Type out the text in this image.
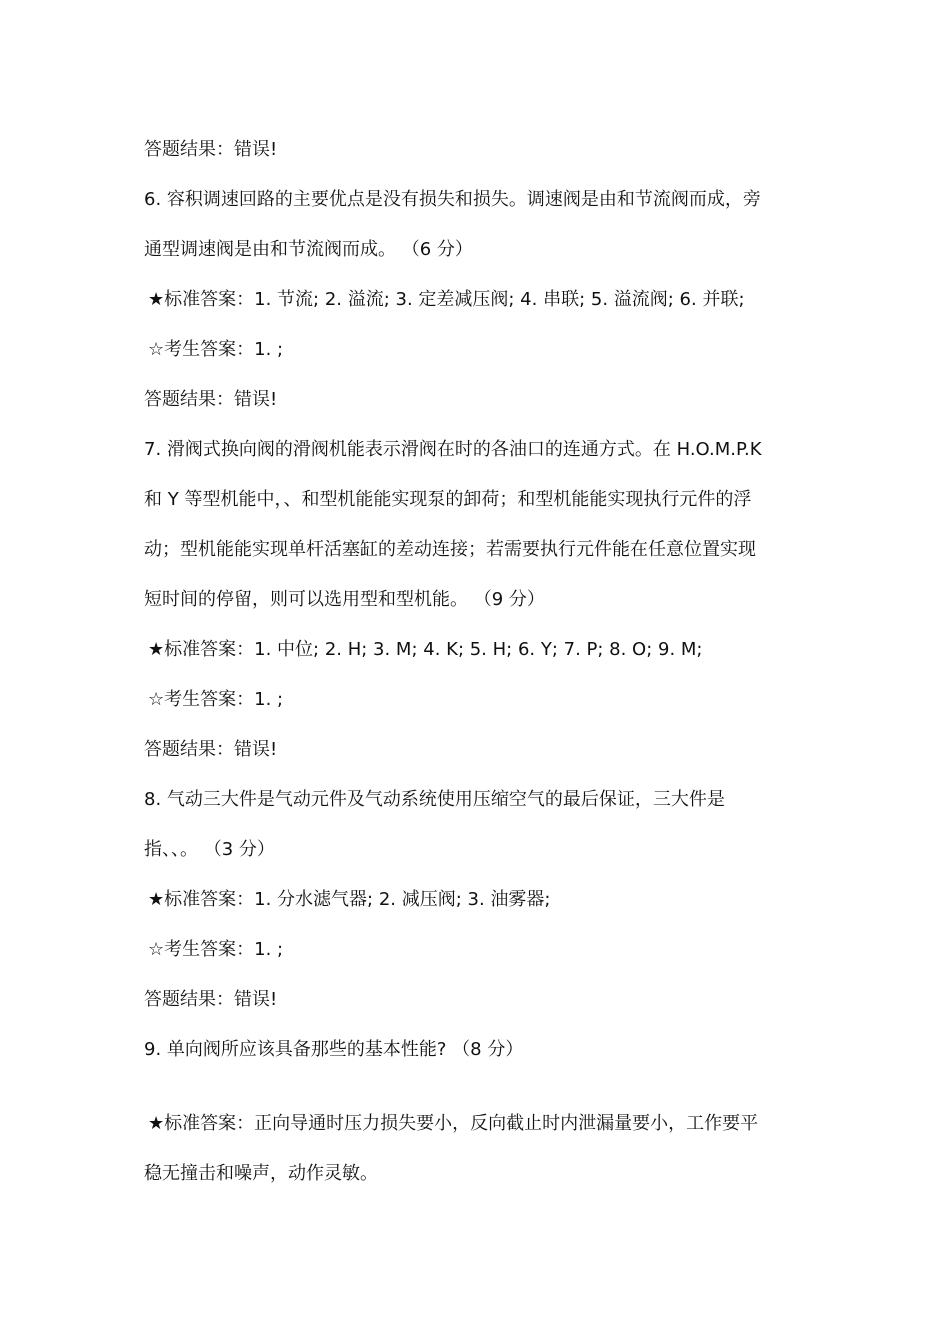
答题结果：错误!
6. 容积调速回路的主要优点是没有损失和损失。调速阀是由和节流阀而成，旁
通型调速阀是由和节流阀而成。 （6 分）
★标准答案：1. 节流; 2. 溢流; 3. 定差减压阀; 4. 串联; 5. 溢流阀; 6. 并联;
☆考生答案：1. ;
答题结果：错误!
7. 滑阀式换向阀的滑阀机能表示滑阀在时的各油口的连通方式。在 H.O.M.P.K
和 Y 等型机能中，、和型机能能实现泵的卸荷；和型机能能实现执行元件的浮
动；型机能能实现单杆活塞缸的差动连接；若需要执行元件能在任意位置实现
短时间的停留，则可以选用型和型机能。 （9 分）
★标准答案：1. 中位; 2. H; 3. M; 4. K; 5. H; 6. Y; 7. P; 8. O; 9. M;
☆考生答案：1. ;
答题结果：错误!
8. 气动三大件是气动元件及气动系统使用压缩空气的最后保证，三大件是
指、、。 （3 分）
★标准答案：1. 分水滤气器; 2. 减压阀; 3. 油雾器;
☆考生答案：1. ;
答题结果：错误!
9. 单向阀所应该具备那些的基本性能? （8 分）
★标准答案：正向导通时压力损失要小，反向截止时内泄漏量要小，工作要平
稳无撞击和噪声，动作灵敏。
